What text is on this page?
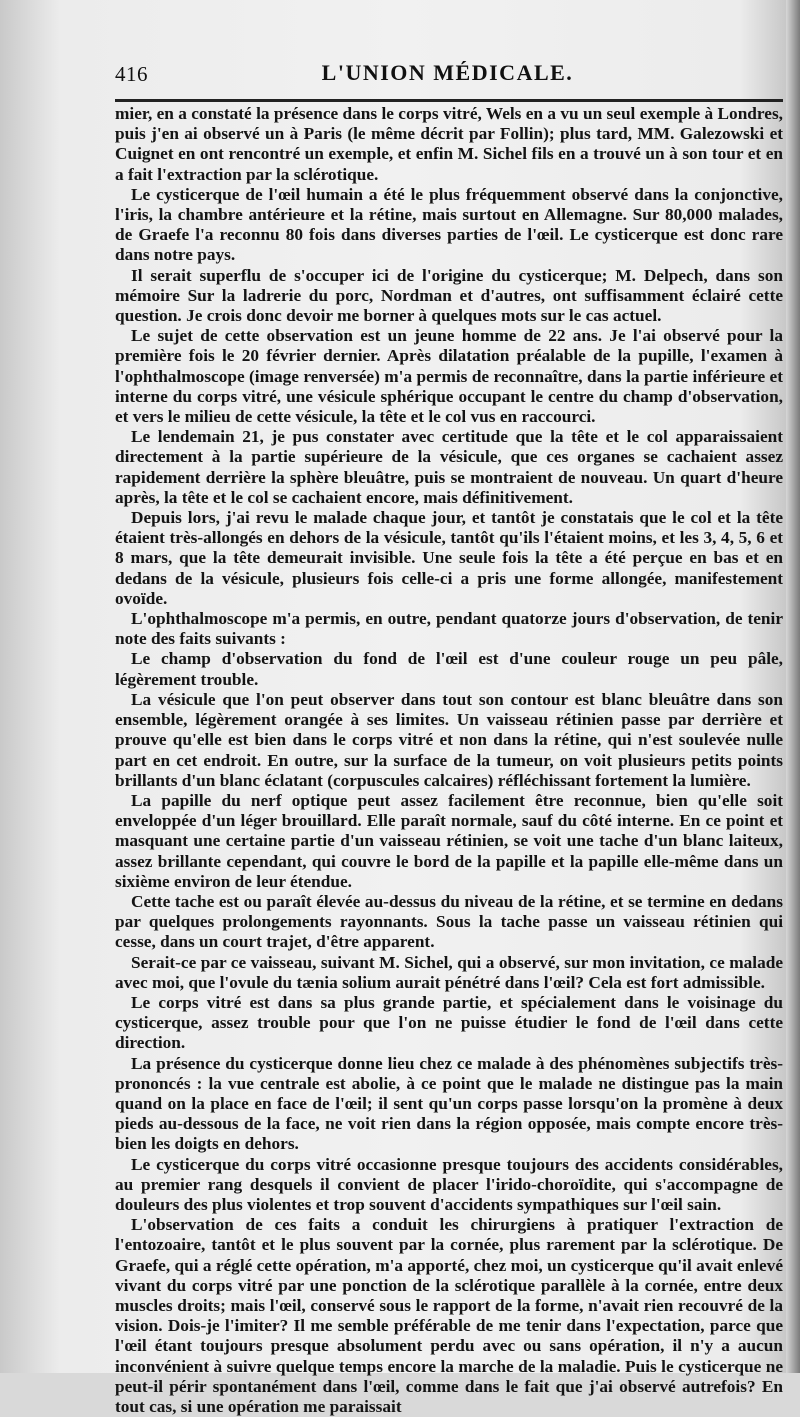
416	L'UNION MÉDICALE.

mier, en a constaté la présence dans le corps vitré, Wels en a vu un seul exemple à Londres, puis j'en ai observé un à Paris (le même décrit par Follin); plus tard, MM. Galezowski et Cuignet en ont rencontré un exemple, et enfin M. Sichel fils en a trouvé un à son tour et en a fait l'extraction par la sclérotique.

Le cysticerque de l'œil humain a été le plus fréquemment observé dans la conjonctive, l'iris, la chambre antérieure et la rétine, mais surtout en Allemagne. Sur 80,000 malades, de Graefe l'a reconnu 80 fois dans diverses parties de l'œil. Le cysticerque est donc rare dans notre pays.

Il serait superflu de s'occuper ici de l'origine du cysticerque; M. Delpech, dans son mémoire Sur la ladrerie du porc, Nordman et d'autres, ont suffisamment éclairé cette question. Je crois donc devoir me borner à quelques mots sur le cas actuel.

Le sujet de cette observation est un jeune homme de 22 ans. Je l'ai observé pour la première fois le 20 février dernier. Après dilatation préalable de la pupille, l'examen à l'ophthalmoscope (image renversée) m'a permis de reconnaître, dans la partie inférieure et interne du corps vitré, une vésicule sphérique occupant le centre du champ d'observation, et vers le milieu de cette vésicule, la tête et le col vus en raccourci.

Le lendemain 21, je pus constater avec certitude que la tête et le col apparaissaient directement à la partie supérieure de la vésicule, que ces organes se cachaient assez rapidement derrière la sphère bleuâtre, puis se montraient de nouveau. Un quart d'heure après, la tête et le col se cachaient encore, mais définitivement.

Depuis lors, j'ai revu le malade chaque jour, et tantôt je constatais que le col et la tête étaient très-allongés en dehors de la vésicule, tantôt qu'ils l'étaient moins, et les 3, 4, 5, 6 et 8 mars, que la tête demeurait invisible. Une seule fois la tête a été perçue en bas et en dedans de la vésicule, plusieurs fois celle-ci a pris une forme allongée, manifestement ovoïde.

L'ophthalmoscope m'a permis, en outre, pendant quatorze jours d'observation, de tenir note des faits suivants :

Le champ d'observation du fond de l'œil est d'une couleur rouge un peu pâle, légèrement trouble.

La vésicule que l'on peut observer dans tout son contour est blanc bleuâtre dans son ensemble, légèrement orangée à ses limites. Un vaisseau rétinien passe par derrière et prouve qu'elle est bien dans le corps vitré et non dans la rétine, qui n'est soulevée nulle part en cet endroit. En outre, sur la surface de la tumeur, on voit plusieurs petits points brillants d'un blanc éclatant (corpuscules calcaires) réfléchissant fortement la lumière.

La papille du nerf optique peut assez facilement être reconnue, bien qu'elle soit enveloppée d'un léger brouillard. Elle paraît normale, sauf du côté interne. En ce point et masquant une certaine partie d'un vaisseau rétinien, se voit une tache d'un blanc laiteux, assez brillante cependant, qui couvre le bord de la papille et la papille elle-même dans un sixième environ de leur étendue.

Cette tache est ou paraît élevée au-dessus du niveau de la rétine, et se termine en dedans par quelques prolongements rayonnants. Sous la tache passe un vaisseau rétinien qui cesse, dans un court trajet, d'être apparent.

Serait-ce par ce vaisseau, suivant M. Sichel, qui a observé, sur mon invitation, ce malade avec moi, que l'ovule du tænia solium aurait pénétré dans l'œil? Cela est fort admissible.

Le corps vitré est dans sa plus grande partie, et spécialement dans le voisinage du cysticerque, assez trouble pour que l'on ne puisse étudier le fond de l'œil dans cette direction.

La présence du cysticerque donne lieu chez ce malade à des phénomènes subjectifs très-prononcés : la vue centrale est abolie, à ce point que le malade ne distingue pas la main quand on la place en face de l'œil; il sent qu'un corps passe lorsqu'on la promène à deux pieds au-dessous de la face, ne voit rien dans la région opposée, mais compte encore très-bien les doigts en dehors.

Le cysticerque du corps vitré occasionne presque toujours des accidents considérables, au premier rang desquels il convient de placer l'irido-choroïdite, qui s'accompagne de douleurs des plus violentes et trop souvent d'accidents sympathiques sur l'œil sain.

L'observation de ces faits a conduit les chirurgiens à pratiquer l'extraction de l'entozoaire, tantôt et le plus souvent par la cornée, plus rarement par la sclérotique. De Graefe, qui a réglé cette opération, m'a apporté, chez moi, un cysticerque qu'il avait enlevé vivant du corps vitré par une ponction de la sclérotique parallèle à la cornée, entre deux muscles droits; mais l'œil, conservé sous le rapport de la forme, n'avait rien recouvré de la vision. Dois-je l'imiter? Il me semble préférable de me tenir dans l'expectation, parce que l'œil étant toujours presque absolument perdu avec ou sans opération, il n'y a aucun inconvénient à suivre quelque temps encore la marche de la maladie. Puis le cysticerque ne peut-il périr spontanément dans l'œil, comme dans le fait que j'ai observé autrefois? En tout cas, si une opération me paraissait
